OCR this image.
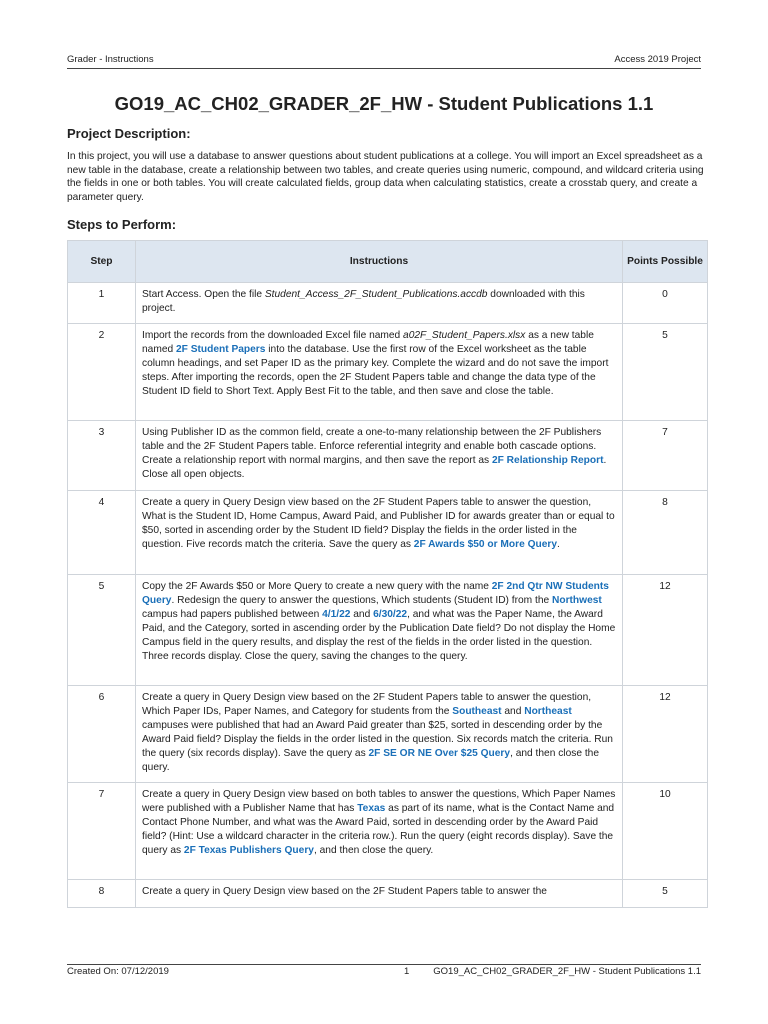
Grader - Instructions	Access 2019 Project
GO19_AC_CH02_GRADER_2F_HW - Student Publications 1.1
Project Description:

In this project, you will use a database to answer questions about student publications at a college. You will import an Excel spreadsheet as a new table in the database, create a relationship between two tables, and create queries using numeric, compound, and wildcard criteria using the fields in one or both tables. You will create calculated fields, group data when calculating statistics, create a crosstab query, and create a parameter query.

Steps to Perform:
Step	Instructions	Points Possible
1	Start Access. Open the file Student_Access_2F_Student_Publications.accdb downloaded with this project.	0
2	Import the records from the downloaded Excel file named a02F_Student_Papers.xlsx as a new table named 2F Student Papers into the database. Use the first row of the Excel worksheet as the table column headings, and set Paper ID as the primary key. Complete the wizard and do not save the import steps. After importing the records, open the 2F Student Papers table and change the data type of the Student ID field to Short Text. Apply Best Fit to the table, and then save and close the table.	5
3	Using Publisher ID as the common field, create a one-to-many relationship between the 2F Publishers table and the 2F Student Papers table. Enforce referential integrity and enable both cascade options. Create a relationship report with normal margins, and then save the report as 2F Relationship Report. Close all open objects.	7
4	Create a query in Query Design view based on the 2F Student Papers table to answer the question, What is the Student ID, Home Campus, Award Paid, and Publisher ID for awards greater than or equal to $50, sorted in ascending order by the Student ID field? Display the fields in the order listed in the question. Five records match the criteria. Save the query as 2F Awards $50 or More Query.	8
5	Copy the 2F Awards $50 or More Query to create a new query with the name 2F 2nd Qtr NW Students Query. Redesign the query to answer the questions, Which students (Student ID) from the Northwest campus had papers published between 4/1/22 and 6/30/22, and what was the Paper Name, the Award Paid, and the Category, sorted in ascending order by the Publication Date field? Do not display the Home Campus field in the query results, and display the rest of the fields in the order listed in the question. Three records display. Close the query, saving the changes to the query.	12
6	Create a query in Query Design view based on the 2F Student Papers table to answer the question, Which Paper IDs, Paper Names, and Category for students from the Southeast and Northeast campuses were published that had an Award Paid greater than $25, sorted in descending order by the Award Paid field? Display the fields in the order listed in the question. Six records match the criteria. Run the query (six records display). Save the query as 2F SE OR NE Over $25 Query, and then close the query.	12
7	Create a query in Query Design view based on both tables to answer the questions, Which Paper Names were published with a Publisher Name that has Texas as part of its name, what is the Contact Name and Contact Phone Number, and what was the Award Paid, sorted in descending order by the Award Paid field? (Hint: Use a wildcard character in the criteria row.). Run the query (eight records display). Save the query as 2F Texas Publishers Query, and then close the query.	10
8	Create a query in Query Design view based on the 2F Student Papers table to answer the	5
Created On: 07/12/2019	1	GO19_AC_CH02_GRADER_2F_HW - Student Publications 1.1
